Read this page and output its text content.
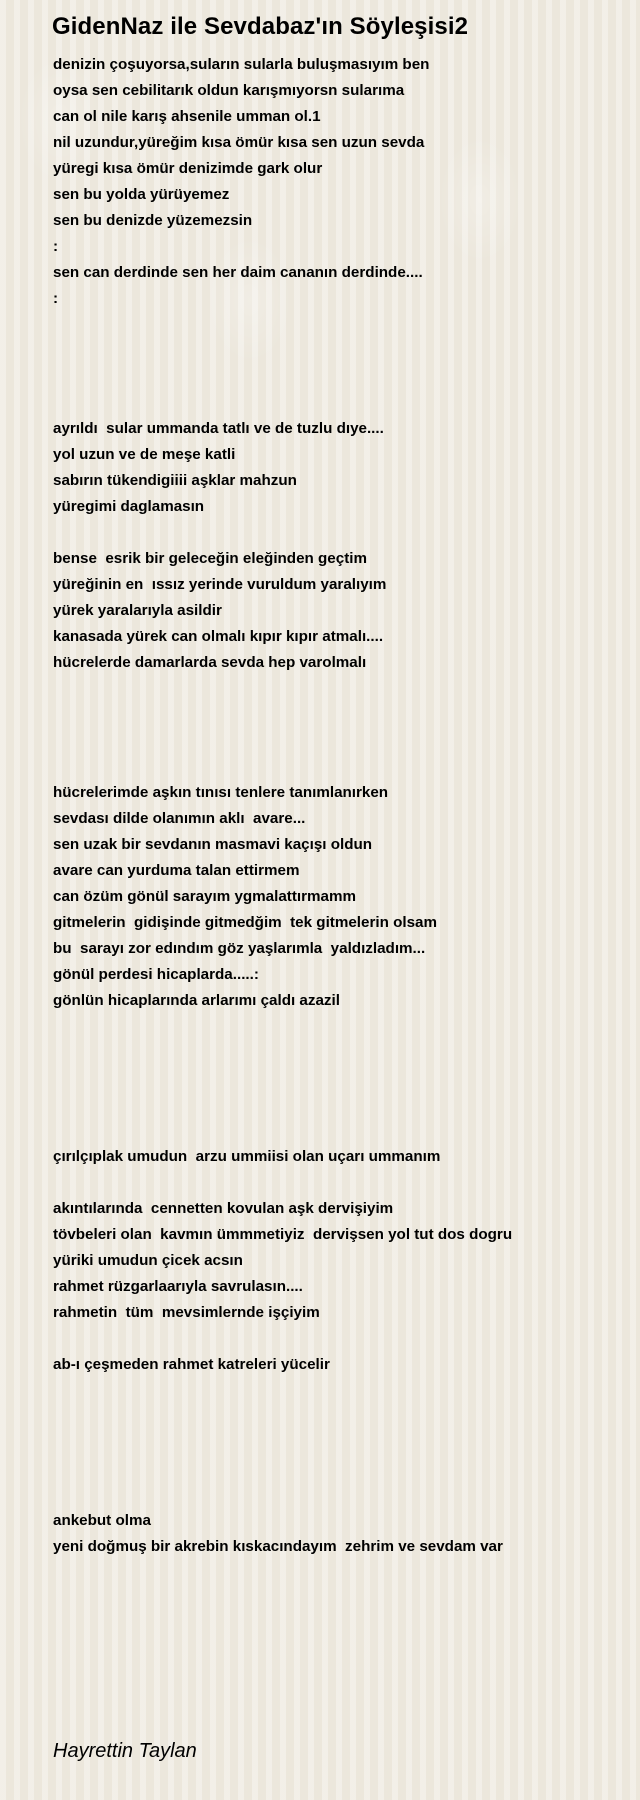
GidenNaz ile Sevdabaz'ın Söyleşisi2

denizin çoşuyorsa,suların sularla buluşmasıyım ben

oysa sen cebilitarık oldun karışmıyorsn sularıma

can ol nile karış ahsenile umman ol.1

nil uzundur,yüreğim kısa ömür kısa sen uzun sevda

yüregi kısa ömür denizimde gark olur

sen bu yolda yürüyemez

sen bu denizde yüzemezsin

:

sen can derdinde sen her daim cananın derdinde....

:

ayrıldı  sular ummanda tatlı ve de tuzlu dıye....

yol uzun ve de meşe katli

sabırın tükendigiiii aşklar mahzun

yüregimi daglamasın

bense  esrik bir geleceğin eleğinden geçtim

yüreğinin en  ıssız yerinde vuruldum yaralıyım

yürek yaralarıyla asildir

kanasada yürek can olmalı kıpır kıpır atmalı....

hücrelerde damarlarda sevda hep varolmalı

hücrelerimde aşkın tınısı tenlere tanımlanırken

sevdası dilde olanımın aklı  avare...

sen uzak bir sevdanın masmavi kaçışı oldun

avare can yurduma talan ettirmem

can özüm gönül sarayım ygmalattırmamm

gitmelerin  gidişinde gitmedğim  tek gitmelerin olsam

bu  sarayı zor edındım göz yaşlarımla  yaldızladım...

gönül perdesi hicaplarda.....:

gönlün hicaplarında arlarımı çaldı azazil

çırılçıplak umudun  arzu ummiisi olan uçarı ummanım

akıntılarında  cennetten kovulan aşk dervişiyim

tövbeleri olan  kavmın ümmmetiyiz  dervişsen yol tut dos dogru

yüriki umudun çicek acsın

rahmet rüzgarlaarıyla savrulasın....

rahmetin  tüm  mevsimlernde işçiyim

ab-ı çeşmeden rahmet katreleri yücelir

ankebut olma

yeni doğmuş bir akrebin kıskacındayım  zehrim ve sevdam var

Hayrettin Taylan
